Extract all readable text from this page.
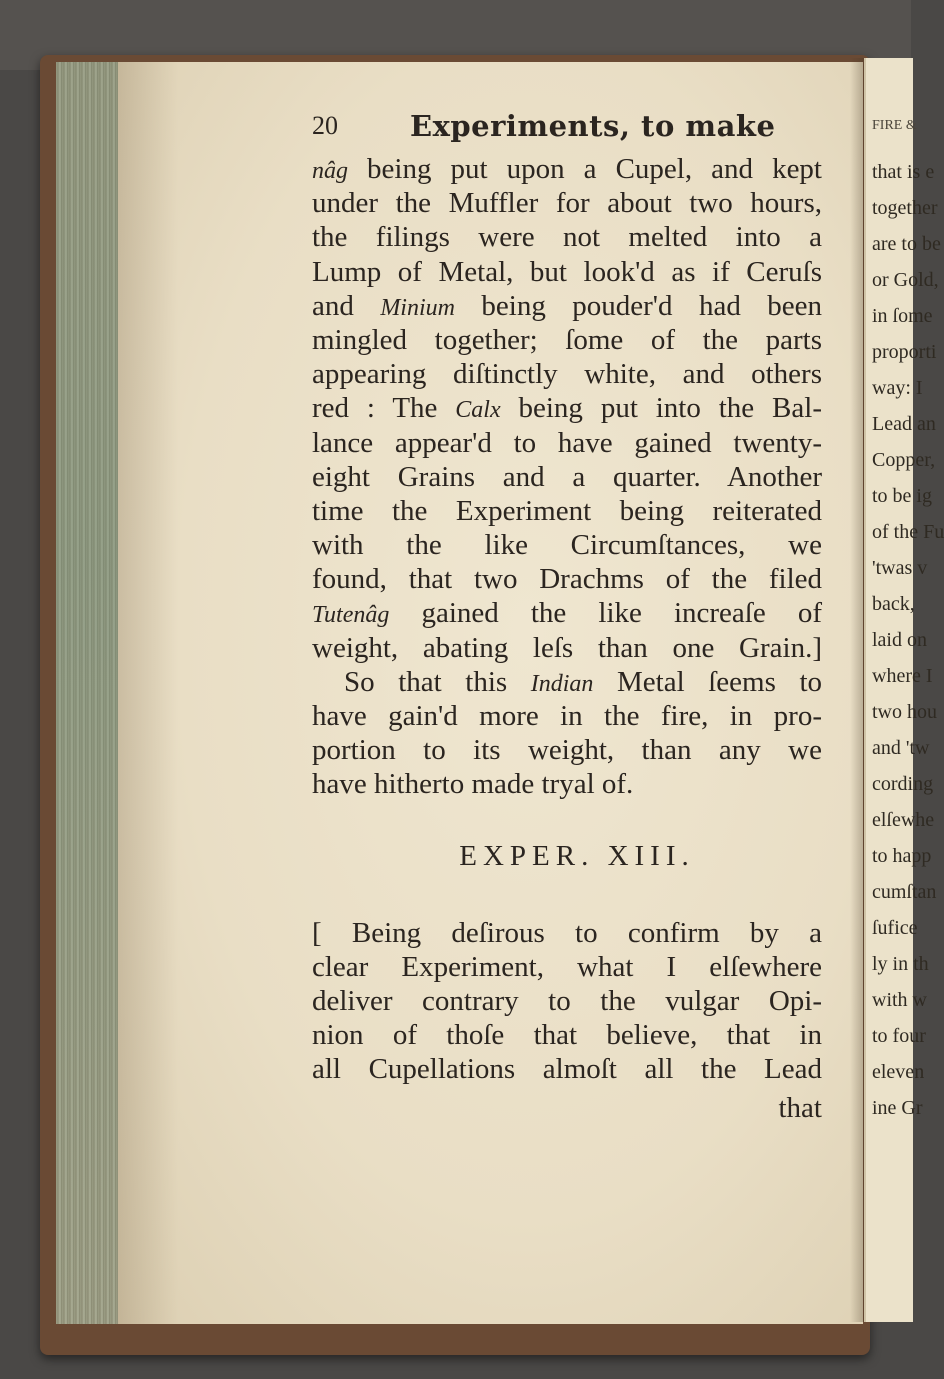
FIRE &
that is e
together
are to be
or Gold,
in ſome
proporti
way: I
Lead an
Copper,
to be ig
of the Fu
'twas v
back,
laid on
where I
two hou
and 'tw
cording
elſewhe
to happ
cumſtan
ſufice
ly in th
with w
to four
eleven
ine Gr
20 Experiments, to make
nâg being put upon a Cupel, and kept
under the Muffler for about two hours,
the filings were not melted into a
Lump of Metal, but look'd as if Ceruſs
and Minium being pouder'd had been
mingled together; ſome of the parts
appearing diſtinctly white, and others
red : The Calx being put into the Bal-
lance appear'd to have gained twenty-
eight Grains and a quarter. Another
time the Experiment being reiterated
with the like Circumſtances, we
found, that two Drachms of the filed
Tutenâg gained the like increaſe of
weight, abating leſs than one Grain.]
So that this Indian Metal ſeems to
have gain'd more in the fire, in pro-
portion to its weight, than any we
have hitherto made tryal of.
EXPER. XIII.
[ Being deſirous to confirm by a
clear Experiment, what I elſewhere
deliver contrary to the vulgar Opi-
nion of thoſe that believe, that in
all Cupellations almoſt all the Lead
that
